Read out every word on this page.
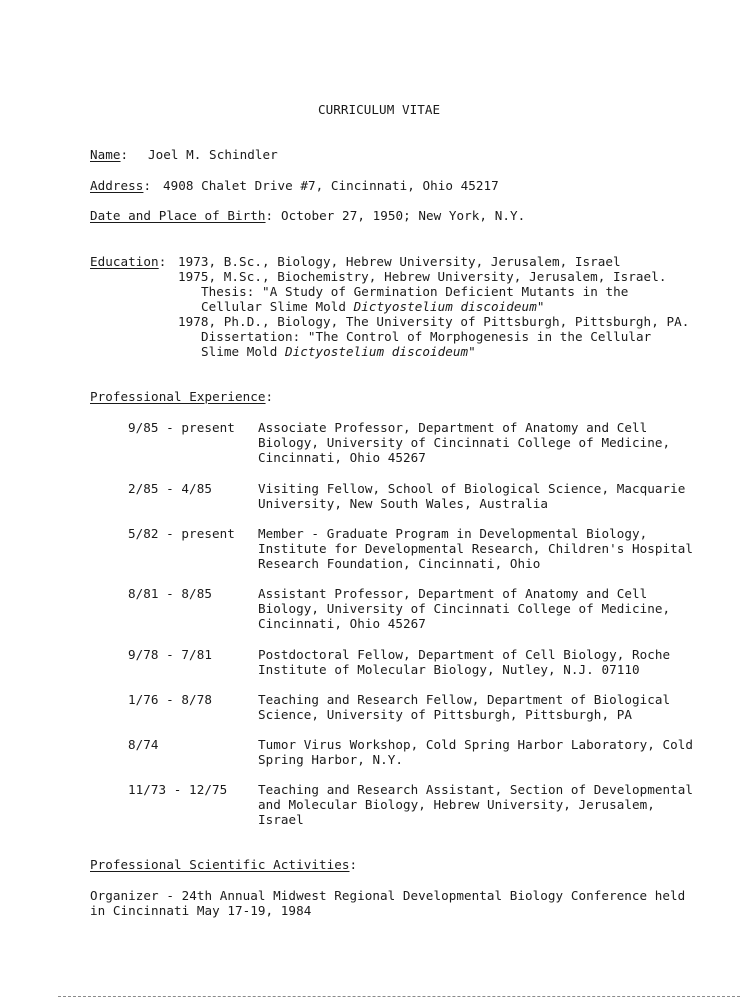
CURRICULUM VITAE
Name: Joel M. Schindler
Address: 4908 Chalet Drive #7, Cincinnati, Ohio 45217
Date and Place of Birth: October 27, 1950; New York, N.Y.
Education: 1973, B.Sc., Biology, Hebrew University, Jerusalem, Israel
1975, M.Sc., Biochemistry, Hebrew University, Jerusalem, Israel.
Thesis: "A Study of Germination Deficient Mutants in the
Cellular Slime Mold Dictyostelium discoideum"
1978, Ph.D., Biology, The University of Pittsburgh, Pittsburgh, PA.
Dissertation: "The Control of Morphogenesis in the Cellular
Slime Mold Dictyostelium discoideum"
Professional Experience:
9/85 - present Associate Professor, Department of Anatomy and Cell
Biology, University of Cincinnati College of Medicine,
Cincinnati, Ohio 45267
2/85 - 4/85	Visiting Fellow, School of Biological Science, Macquarie
University, New South Wales, Australia
5/82 - present Member - Graduate Program in Developmental Biology,
Institute for Developmental Research, Children's Hospital
Research Foundation, Cincinnati, Ohio
8/81 - 8/85	Assistant Professor, Department of Anatomy and Cell
Biology, University of Cincinnati College of Medicine,
Cincinnati, Ohio 45267
9/78 - 7/81	Postdoctoral Fellow, Department of Cell Biology, Roche
Institute of Molecular Biology, Nutley, N.J. 07110
1/76 - 8/78	Teaching and Research Fellow, Department of Biological
Science, University of Pittsburgh, Pittsburgh, PA
8/74	Tumor Virus Workshop, Cold Spring Harbor Laboratory, Cold
Spring Harbor, N.Y.
11/73 - 12/75 Teaching and Research Assistant, Section of Developmental
and Molecular Biology, Hebrew University, Jerusalem,
Israel
Professional Scientific Activities:
Organizer - 24th Annual Midwest Regional Developmental Biology Conference held
in Cincinnati May 17-19, 1984
